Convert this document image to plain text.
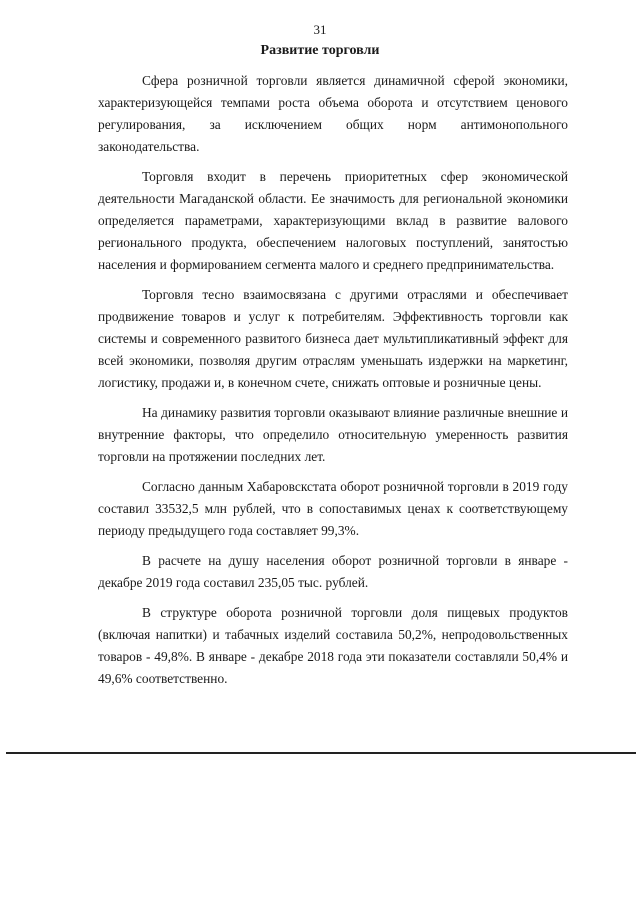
31
Развитие торговли

Сфера розничной торговли является динамичной сферой экономики, характеризующейся темпами роста объема оборота и отсутствием ценового регулирования, за исключением общих норм антимонопольного законодательства.

Торговля входит в перечень приоритетных сфер экономической деятельности Магаданской области. Ее значимость для региональной экономики определяется параметрами, характеризующими вклад в развитие валового регионального продукта, обеспечением налоговых поступлений, занятостью населения и формированием сегмента малого и среднего предпринимательства.

Торговля тесно взаимосвязана с другими отраслями и обеспечивает продвижение товаров и услуг к потребителям. Эффективность торговли как системы и современного развитого бизнеса дает мультипликативный эффект для всей экономики, позволяя другим отраслям уменьшать издержки на маркетинг, логистику, продажи и, в конечном счете, снижать оптовые и розничные цены.

На динамику развития торговли оказывают влияние различные внешние и внутренние факторы, что определило относительную умеренность развития торговли на протяжении последних лет.

Согласно данным Хабаровскстата оборот розничной торговли в 2019 году составил 33532,5 млн рублей, что в сопоставимых ценах к соответствующему периоду предыдущего года составляет 99,3%.

В расчете на душу населения оборот розничной торговли в январе - декабре 2019 года составил 235,05 тыс. рублей.

В структуре оборота розничной торговли доля пищевых продуктов (включая напитки) и табачных изделий составила 50,2%, непродовольственных товаров - 49,8%. В январе - декабре 2018 года эти показатели составляли 50,4% и 49,6% соответственно.
